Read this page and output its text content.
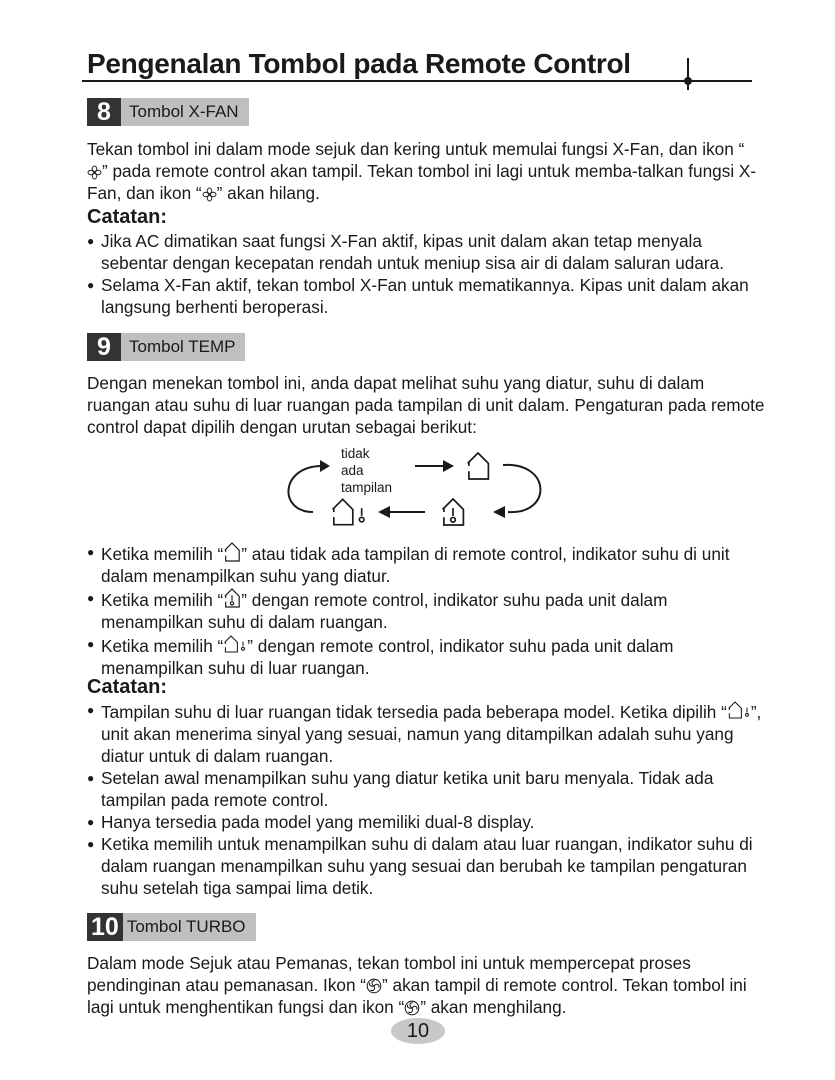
Pengenalan Tombol pada Remote Control
8	Tombol X-FAN
Tekan tombol ini dalam mode sejuk dan kering untuk memulai fungsi X-Fan, dan ikon “” pada remote control akan tampil. Tekan tombol ini lagi untuk memba-talkan fungsi X-Fan, dan ikon “ ” akan hilang.
Catatan:
● Jika AC dimatikan saat fungsi X-Fan aktif, kipas unit dalam akan tetap menyala sebentar dengan kecepatan rendah untuk meniup sisa air di dalam saluran udara.
● Selama X-Fan aktif, tekan tombol X-Fan untuk mematikannya. Kipas unit dalam akan langsung berhenti beroperasi.
9	Tombol TEMP
Dengan menekan tombol ini, anda dapat melihat suhu yang diatur, suhu di dalam ruangan atau suhu di luar ruangan pada tampilan di unit dalam. Pengaturan pada remote control dapat dipilih dengan urutan sebagai berikut:
tidak ada
tampilan
● Ketika memilih “ ” atau tidak ada tampilan di remote control, indikator suhu di unit dalam menampilkan suhu yang diatur.
● Ketika memilih “ ” dengan remote control, indikator suhu pada unit dalam menampilkan suhu di dalam ruangan.
● Ketika memilih “ ” dengan remote control, indikator suhu pada unit dalam menampilkan suhu di luar ruangan.
Catatan:
● Tampilan suhu di luar ruangan tidak tersedia pada beberapa model. Ketika dipilih “ ”, unit akan menerima sinyal yang sesuai, namun yang ditampilkan adalah suhu yang diatur untuk di dalam ruangan.
● Setelan awal menampilkan suhu yang diatur ketika unit baru menyala. Tidak ada tampilan pada remote control.
● Hanya tersedia pada model yang memiliki dual-8 display.
● Ketika memilih untuk menampilkan suhu di dalam atau luar ruangan, indikator suhu di dalam ruangan menampilkan suhu yang sesuai dan berubah ke tampilan pengaturan suhu setelah tiga sampai lima detik.
10 Tombol TURBO
Dalam mode Sejuk atau Pemanas, tekan tombol ini untuk mempercepat proses pendinginan atau pemanasan. Ikon “ ” akan tampil di remote control. Tekan tombol ini lagi untuk menghentikan fungsi dan ikon “ ” akan menghilang.
10
